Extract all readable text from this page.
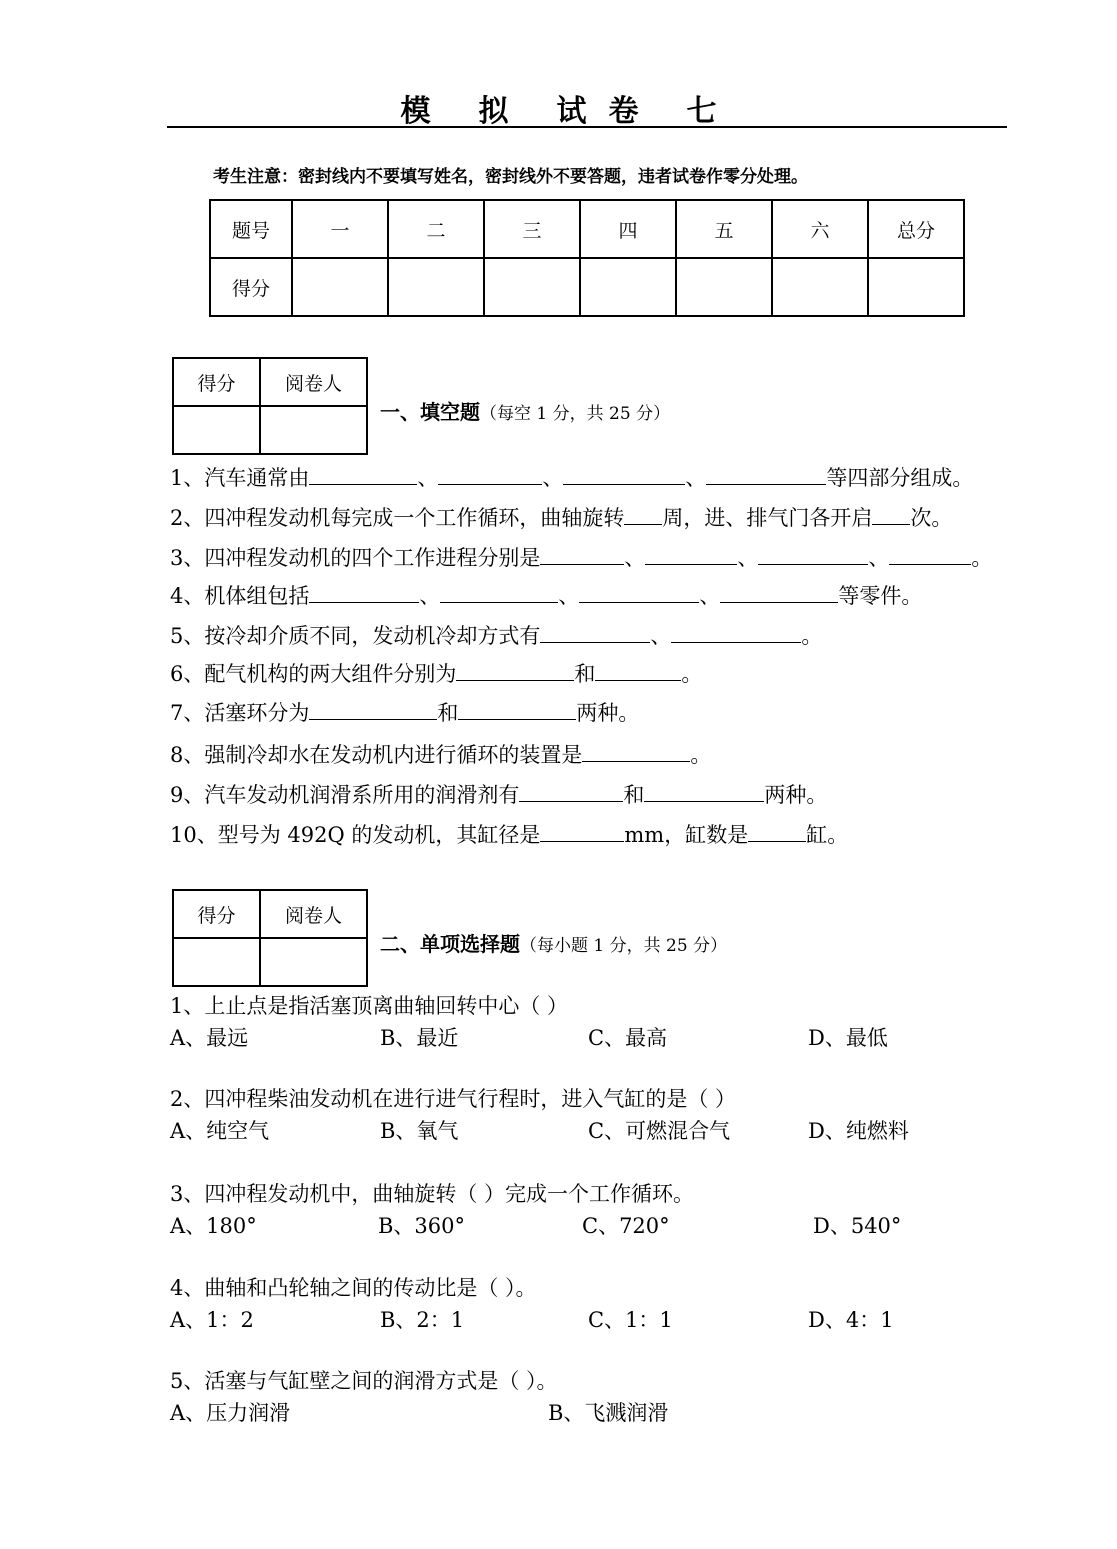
模 拟 试 卷 七
考生注意：密封线内不要填写姓名，密封线外不要答题，违者试卷作零分处理。
题号	一	二	三	四	五	六	总分
得分							
得分	阅卷人

一、填空题（每空 1 分，共 25 分）
1、汽车通常由	、	、	、	等四部分组成。
2、四冲程发动机每完成一个工作循环，曲轴旋转 周，进、排气门各开启 次。
3、四冲程发动机的四个工作进程分别是	、	、	、	。
4、机体组包括	、	、	、	等零件。
5、按冷却介质不同，发动机冷却方式有	、	。
6、配气机构的两大组件分别为	和	。
7、活塞环分为	和	两种。
8、强制冷却水在发动机内进行循环的装置是	。
9、汽车发动机润滑系所用的润滑剂有	和	两种。
10、型号为 492Q 的发动机，其缸径是	mm，缸数是	缸。
得分	阅卷人

二、单项选择题（每小题 1 分，共 25 分）
1、上止点是指活塞顶离曲轴回转中心（ ）
A、最远	B、最近	C、最高	D、最低
2、四冲程柴油发动机在进行进气行程时，进入气缸的是（ ）
A、纯空气	B、氧气	C、可燃混合气	D、纯燃料
3、四冲程发动机中，曲轴旋转（ ）完成一个工作循环。
A、180°	B、360°	C、720°	D、540°
4、曲轴和凸轮轴之间的传动比是（ ）。
A、1：2	B、2：1	C、1：1	D、4：1
5、活塞与气缸壁之间的润滑方式是（ ）。
A、压力润滑	B、飞溅润滑
